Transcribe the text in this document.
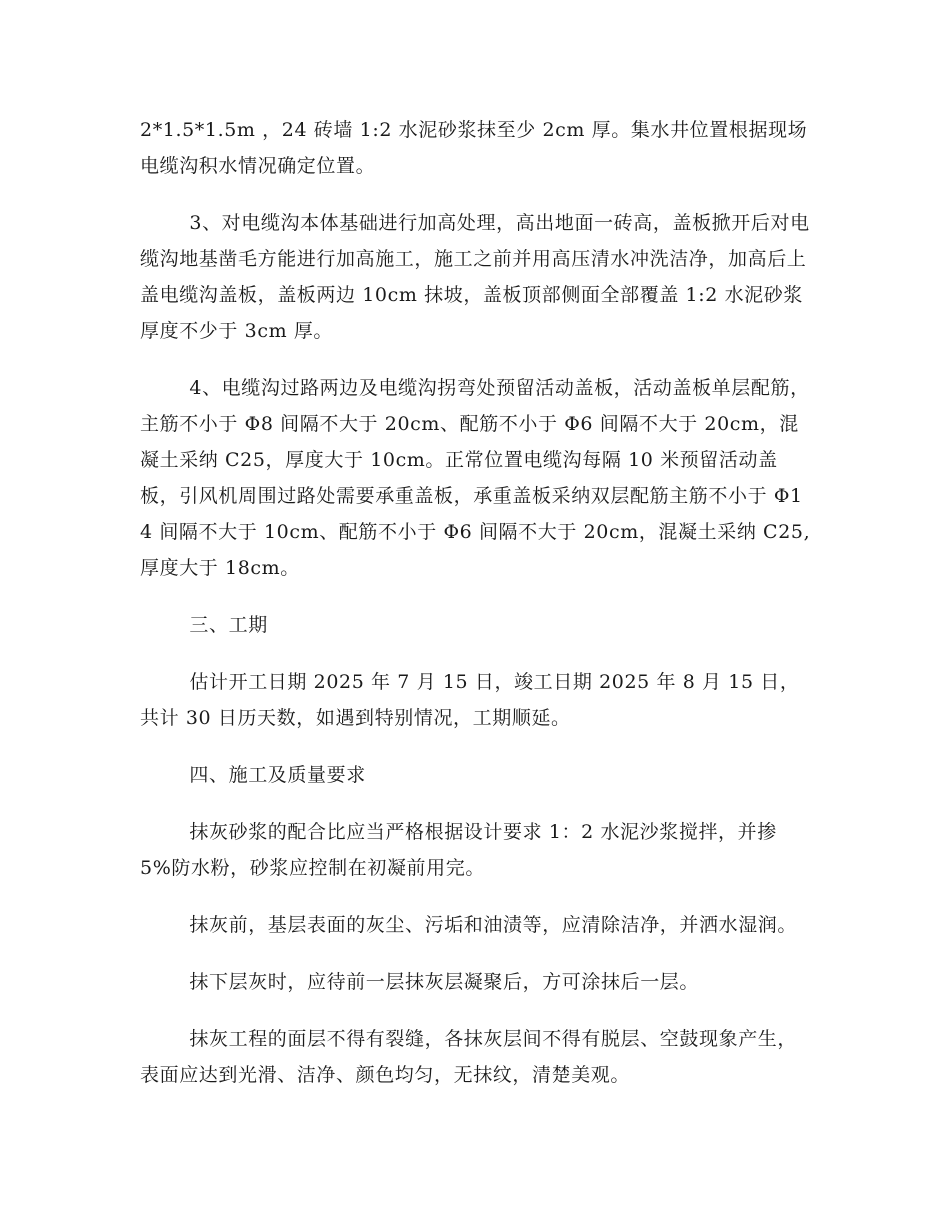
2*1.5*1.5m ，24 砖墙 1:2 水泥砂浆抹至少 2cm 厚。集水井位置根据现场电缆沟积水情况确定位置。

3、对电缆沟本体基础进行加高处理，高出地面一砖高，盖板掀开后对电缆沟地基凿毛方能进行加高施工，施工之前并用高压清水冲洗洁净，加高后上盖电缆沟盖板，盖板两边 10cm 抹坡，盖板顶部侧面全部覆盖 1:2 水泥砂浆厚度不少于 3cm 厚。

4、电缆沟过路两边及电缆沟拐弯处预留活动盖板，活动盖板单层配筋，主筋不小于 Φ8 间隔不大于 20cm、配筋不小于 Φ6 间隔不大于 20cm，混凝土采纳 C25，厚度大于 10cm。正常位置电缆沟每隔 10 米预留活动盖板，引风机周围过路处需要承重盖板，承重盖板采纳双层配筋主筋不小于 Φ14 间隔不大于 10cm、配筋不小于 Φ6 间隔不大于 20cm，混凝土采纳 C25,厚度大于 18cm。

三、工期

估计开工日期 2025 年 7 月 15 日，竣工日期 2025 年 8 月 15 日，共计 30 日历天数，如遇到特别情况，工期顺延。

四、施工及质量要求

抹灰砂浆的配合比应当严格根据设计要求 1：2 水泥沙浆搅拌，并掺 5%防水粉，砂浆应控制在初凝前用完。

抹灰前，基层表面的灰尘、污垢和油渍等，应清除洁净，并洒水湿润。

抹下层灰时，应待前一层抹灰层凝聚后，方可涂抹后一层。

抹灰工程的面层不得有裂缝，各抹灰层间不得有脱层、空鼓现象产生，表面应达到光滑、洁净、颜色均匀，无抹纹，清楚美观。
